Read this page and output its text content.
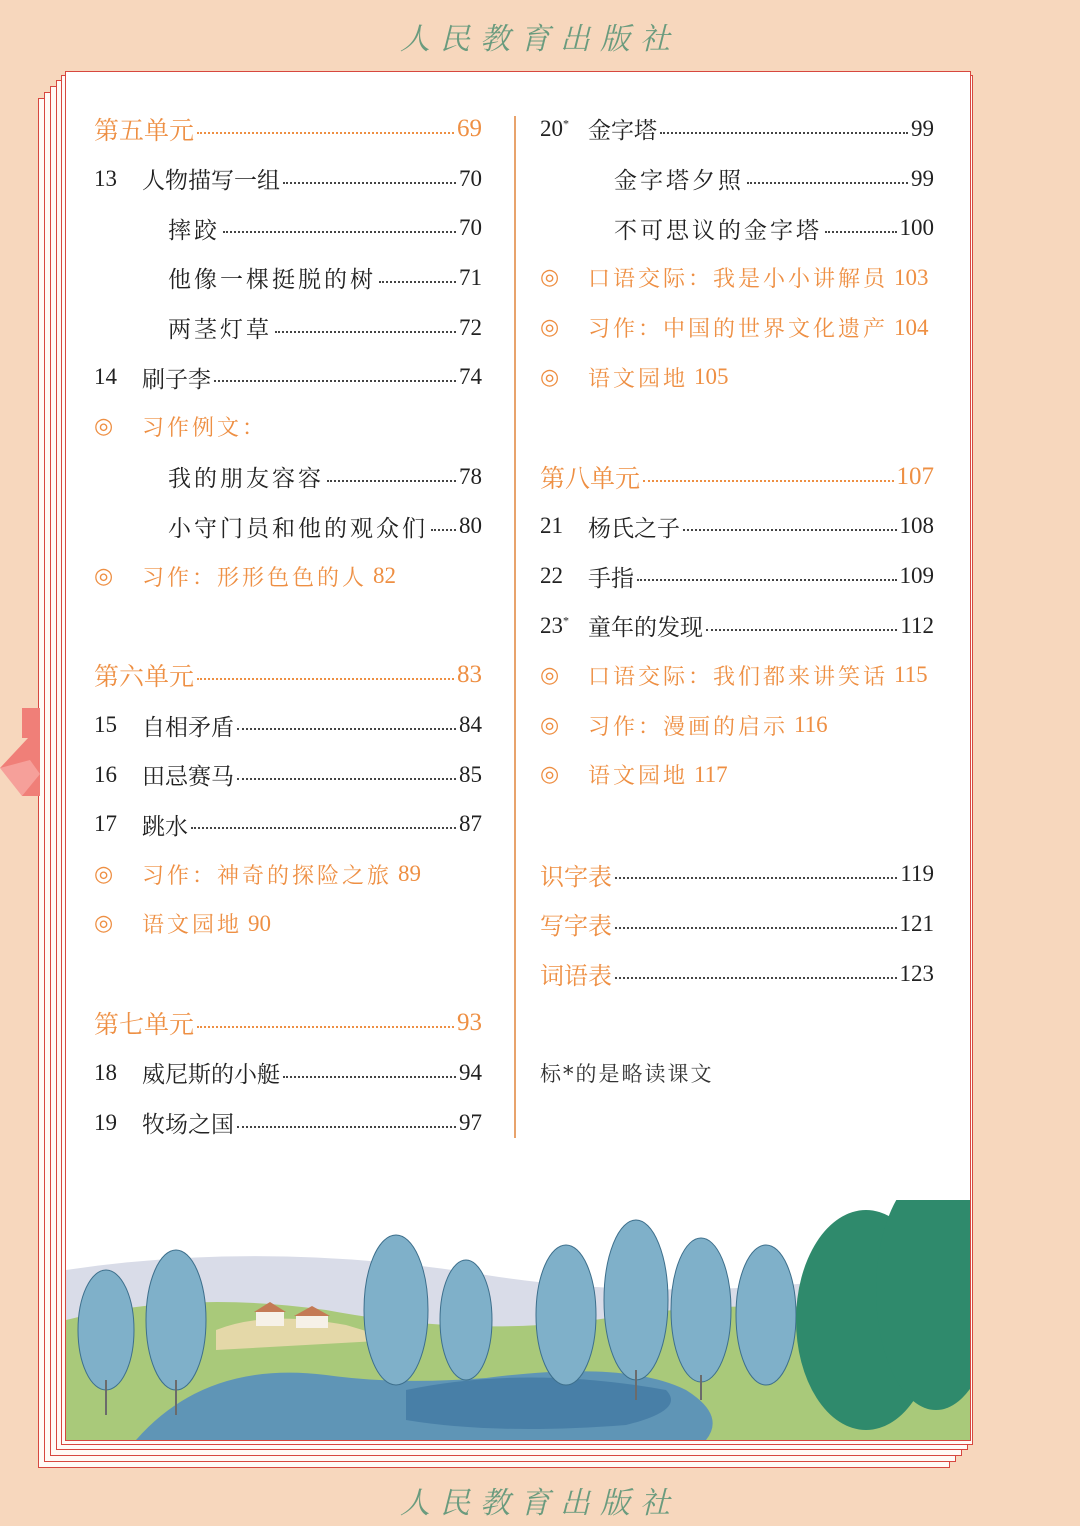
人民教育出版社
第五单元	69
13	人物描写一组	70
摔跤	70
他像一棵挺脱的树	71
两茎灯草	72
14	刷子李	74
◎	习作例文：
我的朋友容容	78
小守门员和他的观众们 80
◎	习作：形形色色的人 82
第六单元	83
15	自相矛盾	84
16	田忌赛马	85
17	跳水	87
◎	习作：神奇的探险之旅 89
◎	语文园地 90
第七单元	93
18	威尼斯的小艇	94
19	牧场之国	97
20* 金字塔	99
金字塔夕照	99
不可思议的金字塔	100
◎	口语交际：我是小小讲解员 103
◎	习作：中国的世界文化遗产 104
◎	语文园地 105
第八单元	107
21	杨氏之子	108
22	手指	109
23* 童年的发现	112
◎	口语交际：我们都来讲笑话 115
◎	习作：漫画的启示 116
◎	语文园地 117
识字表	119
写字表	121
词语表	123
标*的是略读课文
人民教育出版社
